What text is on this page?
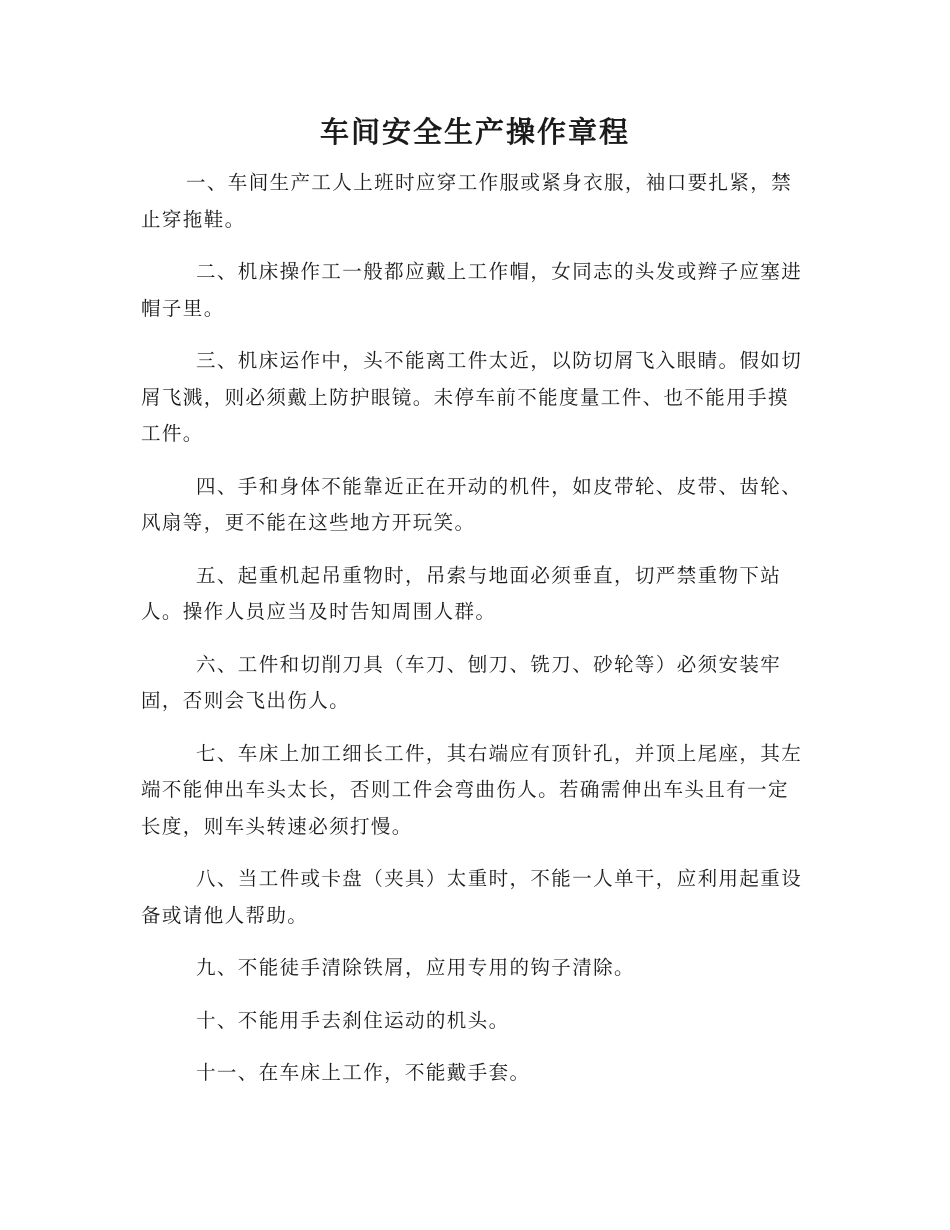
车间安全生产操作章程

一、车间生产工人上班时应穿工作服或紧身衣服，袖口要扎紧，禁止穿拖鞋。

二、机床操作工一般都应戴上工作帽，女同志的头发或辫子应塞进帽子里。

三、机床运作中，头不能离工件太近，以防切屑飞入眼睛。假如切屑飞溅，则必须戴上防护眼镜。未停车前不能度量工件、也不能用手摸工件。

四、手和身体不能靠近正在开动的机件，如皮带轮、皮带、齿轮、风扇等，更不能在这些地方开玩笑。

五、起重机起吊重物时，吊索与地面必须垂直，切严禁重物下站人。操作人员应当及时告知周围人群。

六、工件和切削刀具（车刀、刨刀、铣刀、砂轮等）必须安装牢固，否则会飞出伤人。

七、车床上加工细长工件，其右端应有顶针孔，并顶上尾座，其左端不能伸出车头太长，否则工件会弯曲伤人。若确需伸出车头且有一定长度，则车头转速必须打慢。

八、当工件或卡盘（夹具）太重时，不能一人单干，应利用起重设备或请他人帮助。

九、不能徒手清除铁屑，应用专用的钩子清除。

十、不能用手去刹住运动的机头。

十一、在车床上工作，不能戴手套。
